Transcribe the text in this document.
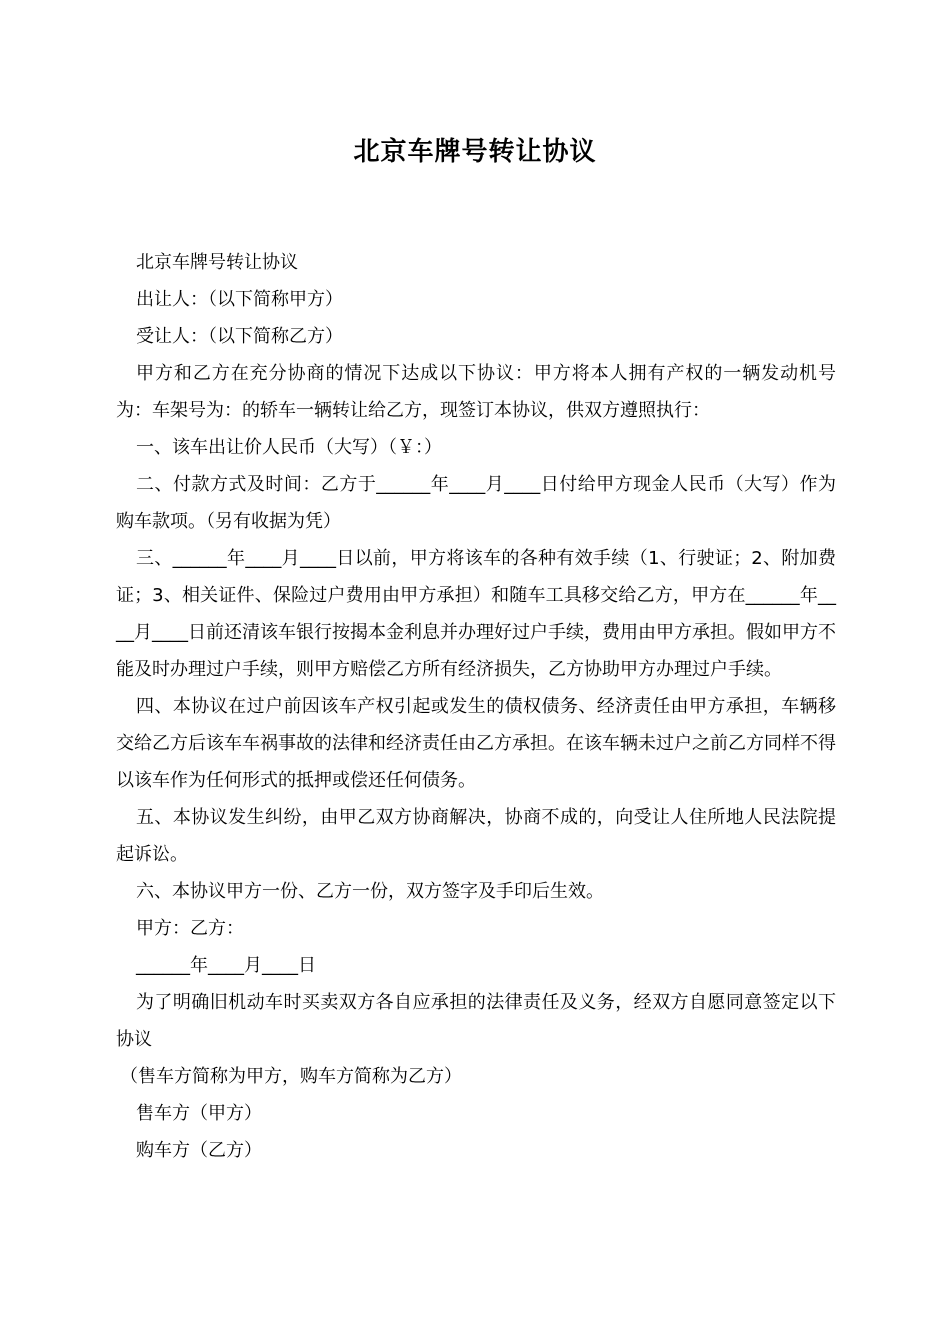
北京车牌号转让协议

北京车牌号转让协议

出让人：（以下简称甲方）

受让人：（以下简称乙方）

甲方和乙方在充分协商的情况下达成以下协议：甲方将本人拥有产权的一辆发动机号为：车架号为：的轿车一辆转让给乙方，现签订本协议，供双方遵照执行：

一、该车出让价人民币（大写）（￥：）

二、付款方式及时间：乙方于______年____月____日付给甲方现金人民币（大写）作为购车款项。（另有收据为凭）

三、______年____月____日以前，甲方将该车的各种有效手续（1、行驶证；2、附加费证；3、相关证件、保险过户费用由甲方承担）和随车工具移交给乙方，甲方在______年____月____日前还清该车银行按揭本金利息并办理好过户手续，费用由甲方承担。假如甲方不能及时办理过户手续，则甲方赔偿乙方所有经济损失，乙方协助甲方办理过户手续。

四、本协议在过户前因该车产权引起或发生的债权债务、经济责任由甲方承担，车辆移交给乙方后该车车祸事故的法律和经济责任由乙方承担。在该车辆未过户之前乙方同样不得以该车作为任何形式的抵押或偿还任何债务。

五、本协议发生纠纷，由甲乙双方协商解决，协商不成的，向受让人住所地人民法院提起诉讼。

六、本协议甲方一份、乙方一份，双方签字及手印后生效。

甲方：乙方：

______年____月____日

为了明确旧机动车时买卖双方各自应承担的法律责任及义务，经双方自愿同意签定以下协议

（售车方简称为甲方，购车方简称为乙方）

售车方（甲方）

购车方（乙方）
